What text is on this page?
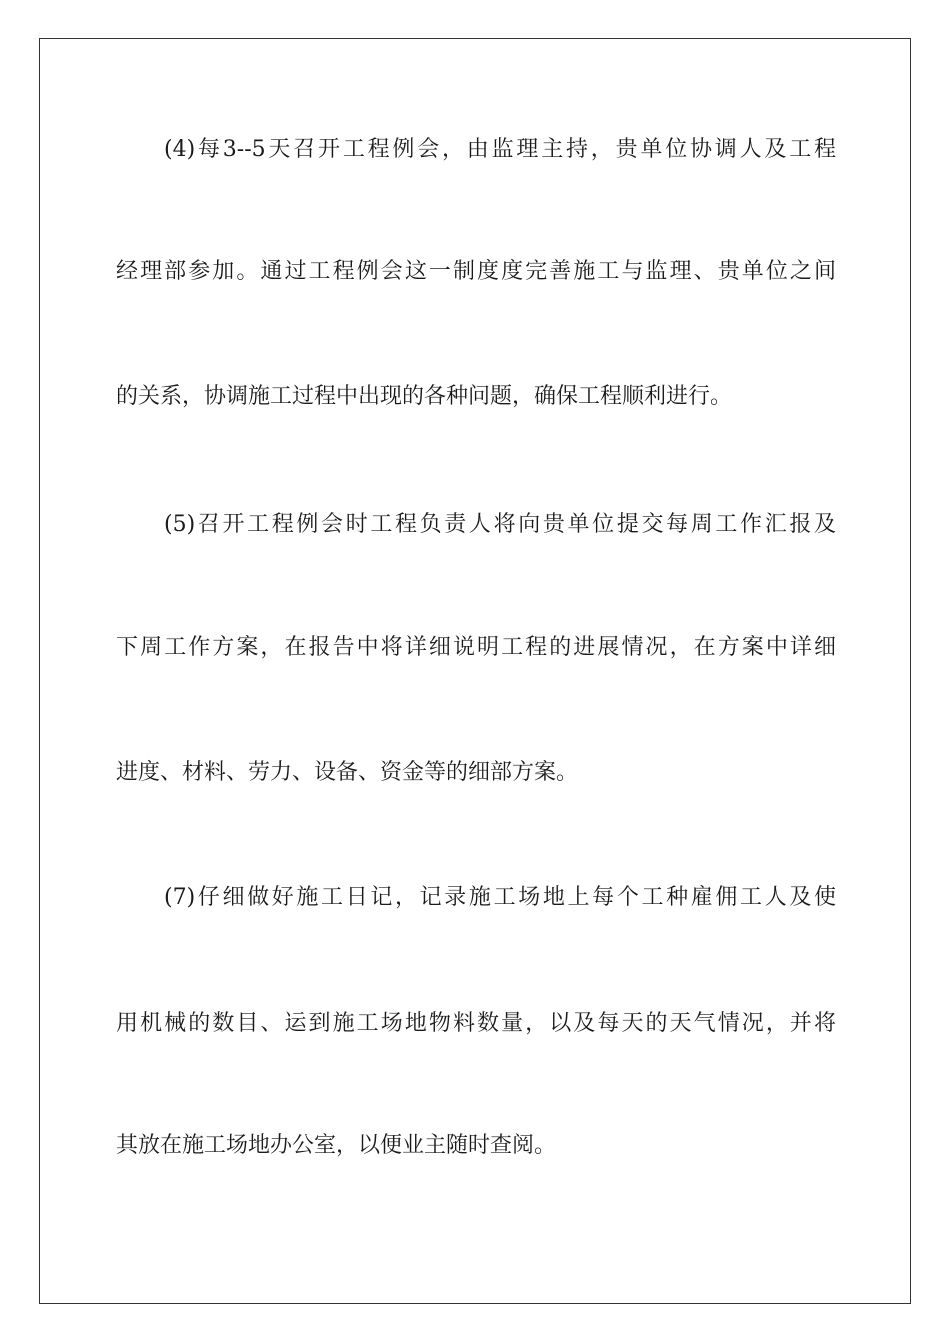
(4)每3--5天召开工程例会，由监理主持，贵单位协调人及工程
经理部参加。通过工程例会这一制度度完善施工与监理、贵单位之间
的关系，协调施工过程中出现的各种问题，确保工程顺利进行。
(5)召开工程例会时工程负责人将向贵单位提交每周工作汇报及
下周工作方案，在报告中将详细说明工程的进展情况，在方案中详细
进度、材料、劳力、设备、资金等的细部方案。
(7)仔细做好施工日记，记录施工场地上每个工种雇佣工人及使
用机械的数目、运到施工场地物料数量，以及每天的天气情况，并将
其放在施工场地办公室，以便业主随时查阅。
